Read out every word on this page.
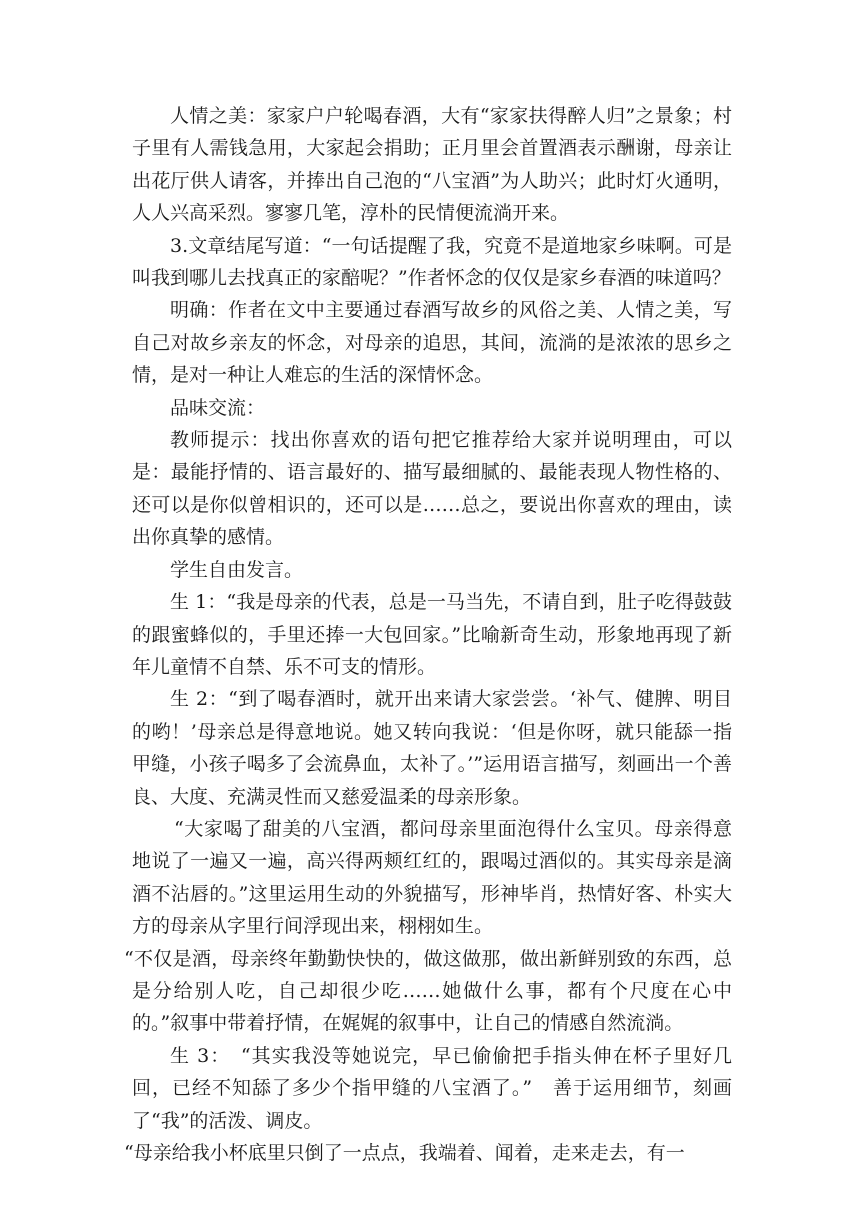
人情之美：家家户户轮喝春酒，大有“家家扶得醉人归”之景象；村子里有人需钱急用，大家起会捐助；正月里会首置酒表示酬谢，母亲让出花厅供人请客，并捧出自己泡的“八宝酒”为人助兴；此时灯火通明，人人兴高采烈。寥寥几笔，淳朴的民情便流淌开来。

3.文章结尾写道：“一句话提醒了我，究竟不是道地家乡味啊。可是叫我到哪儿去找真正的家醅呢？”作者怀念的仅仅是家乡春酒的味道吗？

明确：作者在文中主要通过春酒写故乡的风俗之美、人情之美，写自己对故乡亲友的怀念，对母亲的追思，其间，流淌的是浓浓的思乡之情，是对一种让人难忘的生活的深情怀念。

品味交流：

教师提示：找出你喜欢的语句把它推荐给大家并说明理由，可以是：最能抒情的、语言最好的、描写最细腻的、最能表现人物性格的、还可以是你似曾相识的，还可以是……总之，要说出你喜欢的理由，读出你真挚的感情。

学生自由发言。

生 1：“我是母亲的代表，总是一马当先，不请自到，肚子吃得鼓鼓的跟蜜蜂似的，手里还捧一大包回家。”比喻新奇生动，形象地再现了新年儿童情不自禁、乐不可支的情形。

生 2：“到了喝春酒时，就开出来请大家尝尝。‘补气、健脾、明目的哟！’母亲总是得意地说。她又转向我说：‘但是你呀，就只能舔一指甲缝，小孩子喝多了会流鼻血，太补了。’”运用语言描写，刻画出一个善良、大度、充满灵性而又慈爱温柔的母亲形象。

“大家喝了甜美的八宝酒，都问母亲里面泡得什么宝贝。母亲得意地说了一遍又一遍，高兴得两颊红红的，跟喝过酒似的。其实母亲是滴酒不沾唇的。”这里运用生动的外貌描写，形神毕肖，热情好客、朴实大方的母亲从字里行间浮现出来，栩栩如生。

“不仅是酒，母亲终年勤勤快快的，做这做那，做出新鲜别致的东西，总是分给别人吃，自己却很少吃……她做什么事，都有个尺度在心中的。”叙事中带着抒情，在娓娓的叙事中，让自己的情感自然流淌。

生 3：　“其实我没等她说完，早已偷偷把手指头伸在杯子里好几回，已经不知舔了多少个指甲缝的八宝酒了。”　善于运用细节，刻画了“我”的活泼、调皮。

“母亲给我小杯底里只倒了一点点，我端着、闻着，走来走去，有一
